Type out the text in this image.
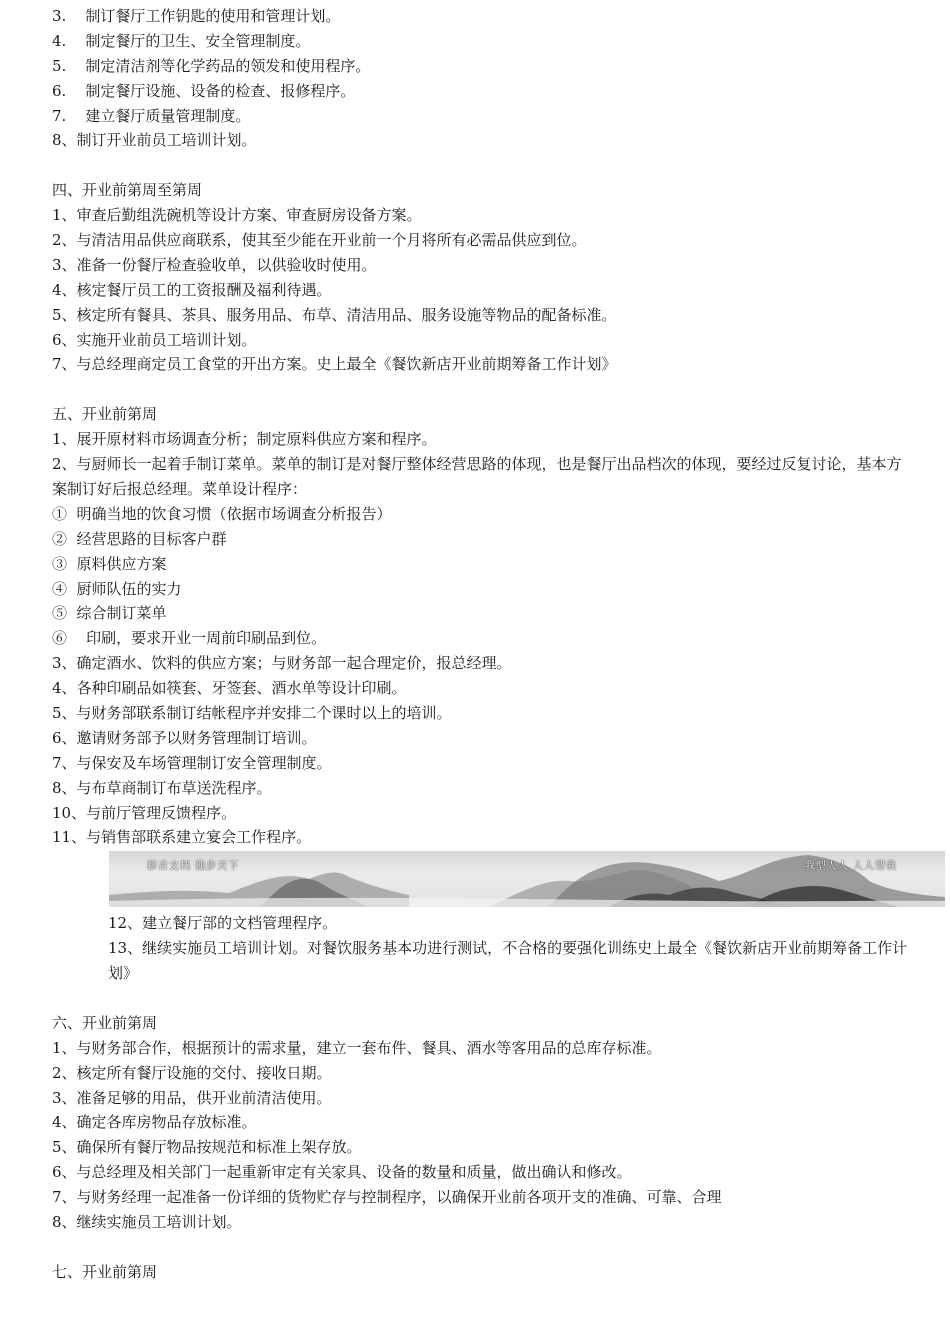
3.    制订餐厅工作钥匙的使用和管理计划。
4.    制定餐厅的卫生、安全管理制度。
5.    制定清洁剂等化学药品的领发和使用程序。
6.    制定餐厅设施、设备的检查、报修程序。
7.    建立餐厅质量管理制度。
8、制订开业前员工培训计划。
四、开业前第周至第周
1、审查后勤组洗碗机等设计方案、审查厨房设备方案。
2、与清洁用品供应商联系，使其至少能在开业前一个月将所有必需品供应到位。
3、准备一份餐厅检查验收单，以供验收时使用。
4、核定餐厅员工的工资报酬及福利待遇。
5、核定所有餐具、茶具、服务用品、布草、清洁用品、服务设施等物品的配备标准。
6、实施开业前员工培训计划。
7、与总经理商定员工食堂的开出方案。史上最全《餐饮新店开业前期筹备工作计划》
五、开业前第周
1、展开原材料市场调查分析；制定原料供应方案和程序。
2、与厨师长一起着手制订菜单。菜单的制订是对餐厅整体经营思路的体现，也是餐厅出品档次的体现，要经过反复讨论，基本方案制订好后报总经理。菜单设计程序：
①  明确当地的饮食习惯（依据市场调查分析报告）
②  经营思路的目标客户群
③  原料供应方案
④  厨师队伍的实力
⑤  综合制订菜单
⑥    印刷，要求开业一周前印刷品到位。
3、确定酒水、饮料的供应方案；与财务部一起合理定价，报总经理。
4、各种印刷品如筷套、牙签套、酒水单等设计印刷。
5、与财务部联系制订结帐程序并安排二个课时以上的培训。
6、邀请财务部予以财务管理制订培训。
7、与保安及车场管理制订安全管理制度。
8、与布草商制订布草送洗程序。
10、与前厅管理反馈程序。
11、与销售部联系建立宴会工作程序。
移舌文档 独步天下	我型人人 人人型我
12、建立餐厅部的文档管理程序。
13、继续实施员工培训计划。对餐饮服务基本功进行测试，不合格的要强化训练史上最全《餐饮新店开业前期筹备工作计划》
六、开业前第周
1、与财务部合作，根据预计的需求量，建立一套布件、餐具、酒水等客用品的总库存标准。
2、核定所有餐厅设施的交付、接收日期。
3、准备足够的用品，供开业前清洁使用。
4、确定各库房物品存放标准。
5、确保所有餐厅物品按规范和标准上架存放。
6、与总经理及相关部门一起重新审定有关家具、设备的数量和质量，做出确认和修改。
7、与财务经理一起准备一份详细的货物贮存与控制程序，以确保开业前各项开支的准确、可靠、合理
8、继续实施员工培训计划。
七、开业前第周
